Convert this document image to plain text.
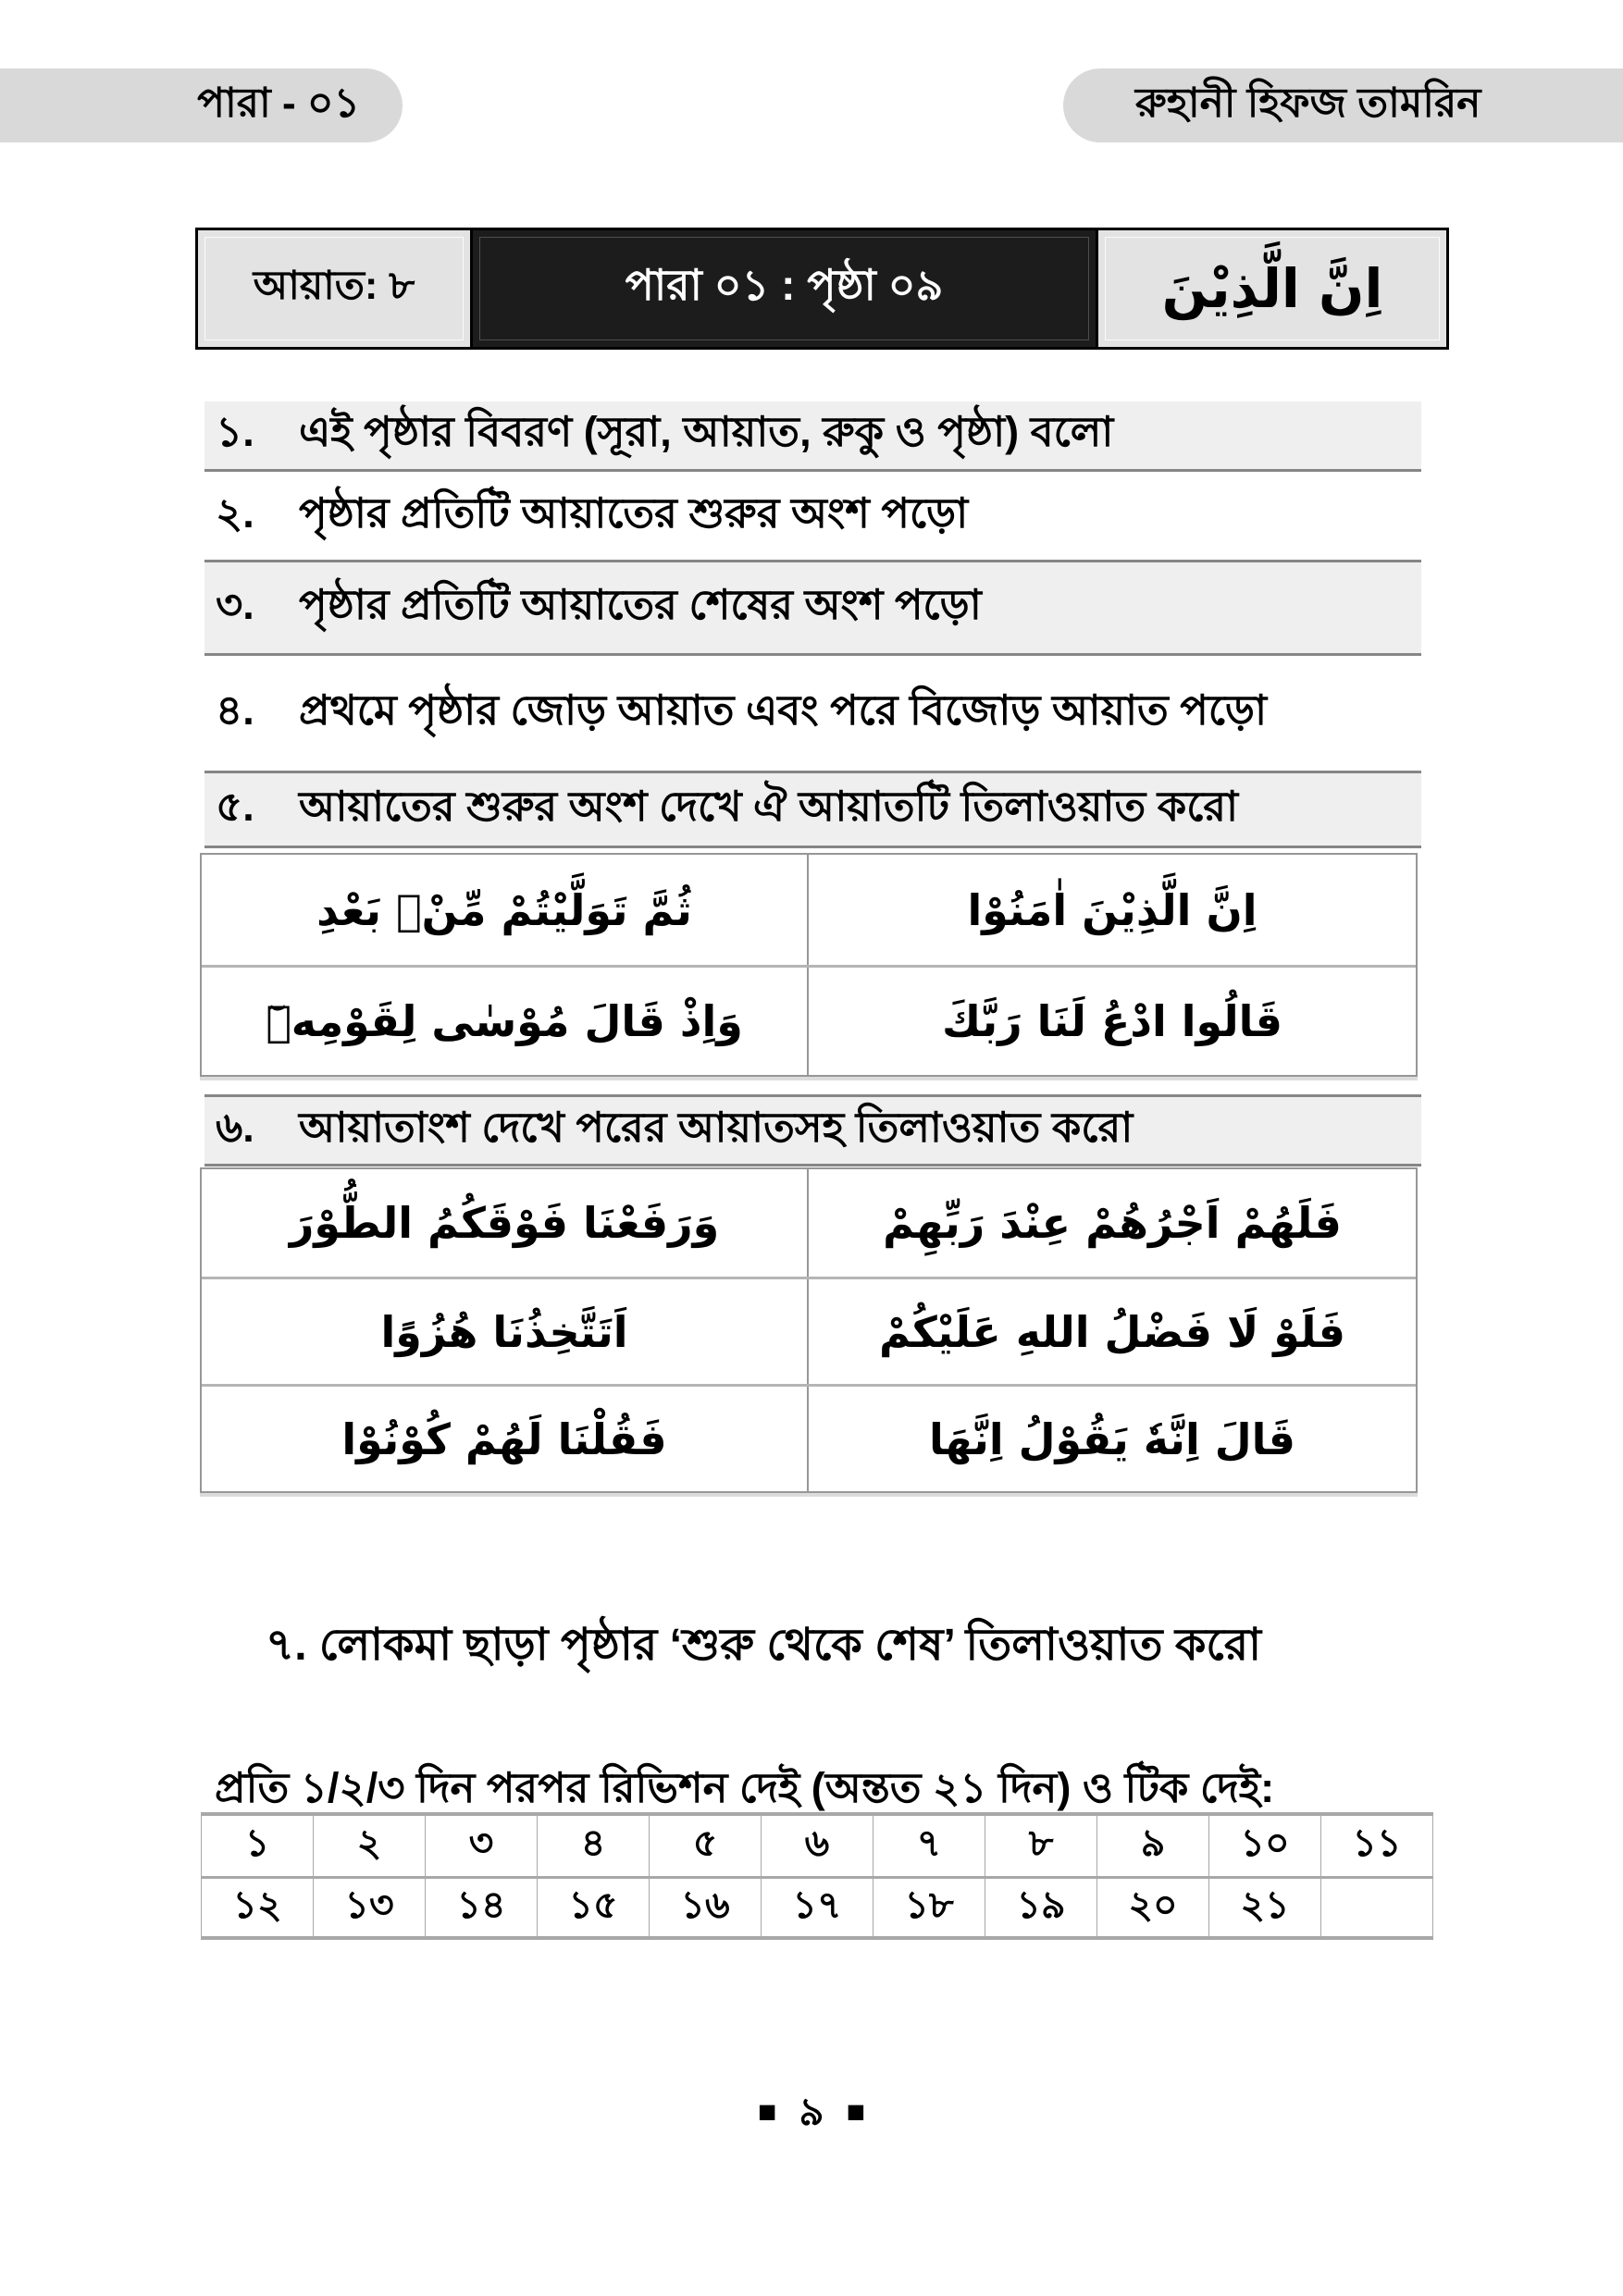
পারা - ০১	রুহানী হিফজ তামরিন
আয়াত: ৮	পারা ০১ : পৃষ্ঠা ০৯	اِنَّ الَّذِيْنَ
১.	এই পৃষ্ঠার বিবরণ (সূরা, আয়াত, রুকু ও পৃষ্ঠা) বলো
২.	পৃষ্ঠার প্রতিটি আয়াতের শুরুর অংশ পড়ো
৩.	পৃষ্ঠার প্রতিটি আয়াতের শেষের অংশ পড়ো
৪.	প্রথমে পৃষ্ঠার জোড় আয়াত এবং পরে বিজোড় আয়াত পড়ো
৫.	আয়াতের শুরুর অংশ দেখে ঐ আয়াতটি তিলাওয়াত করো
ثُمَّ تَوَلَّيْتُمْ مِّنْۢ بَعْدِ	اِنَّ الَّذِيْنَ اٰمَنُوْا
وَاِذْ قَالَ مُوْسٰى لِقَوْمِهٖٓ	قَالُوا ادْعُ لَنَا رَبَّكَ
৬.	আয়াতাংশ দেখে পরের আয়াতসহ তিলাওয়াত করো
وَرَفَعْنَا فَوْقَكُمُ الطُّوْرَ	فَلَهُمْ اَجْرُهُمْ عِنْدَ رَبِّهِمْ
اَتَتَّخِذُنَا هُزُوًا	فَلَوْ لَا فَضْلُ اللهِ عَلَيْكُمْ
فَقُلْنَا لَهُمْ كُوْنُوْا	قَالَ اِنَّهٗ يَقُوْلُ اِنَّهَا
৭. লোকমা ছাড়া পৃষ্ঠার ‘শুরু থেকে শেষ’ তিলাওয়াত করো
প্রতি ১/২/৩ দিন পরপর রিভিশন দেই (অন্তত ২১ দিন) ও টিক দেই:
১	২	৩	৪	৫	৬	৭	৮	৯	১০	১১
১২	১৩	১৪	১৫	১৬	১৭	১৮	১৯	২০	২১
■ ৯ ■
